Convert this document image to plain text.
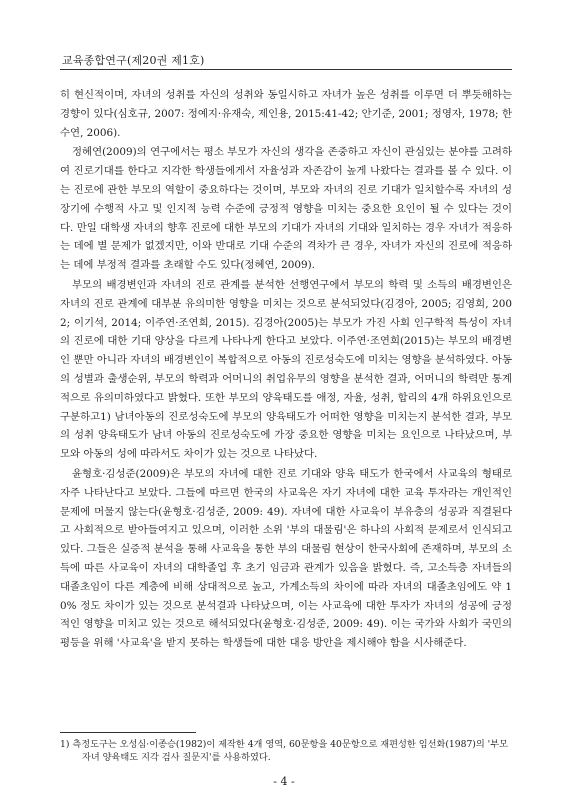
교육종합연구(제20권 제1호)

히 현신적이며, 자녀의 성취를 자신의 성취와 동일시하고 자녀가 높은 성취를 이루면 더 뿌듯해하는 경향이 있다(심호규, 2007: 정예지·유재숙, 제인용, 2015:41-42; 안기준, 2001; 정영자, 1978; 한수연, 2006).

정혜연(2009)의 연구에서는 평소 부모가 자신의 생각을 존중하고 자신이 관심있는 분야를 고려하여 진로기대를 한다고 지각한 학생들에게서 자율성과 자존감이 높게 나왔다는 결과를 볼 수 있다. 이는 진로에 관한 부모의 역할이 중요하다는 것이며, 부모와 자녀의 진로 기대가 일치할수록 자녀의 성장기에 수행적 사고 및 인지적 능력 수준에 긍정적 영향을 미치는 중요한 요인이 될 수 있다는 것이다. 만일 대학생 자녀의 향후 진로에 대한 부모의 기대가 자녀의 기대와 일치하는 경우 자녀가 적응하는 데에 별 문제가 없겠지만, 이와 반대로 기대 수준의 격차가 큰 경우, 자녀가 자신의 진로에 적응하는 데에 부정적 결과를 초래할 수도 있다(정혜연, 2009).

부모의 배경변인과 자녀의 진로 관계를 분석한 선행연구에서 부모의 학력 및 소득의 배경변인은 자녀의 진로 관계에 대부분 유의미한 영향을 미치는 것으로 분석되었다(김경아, 2005; 김영희, 2002; 이기석, 2014; 이주연·조연희, 2015). 김경아(2005)는 부모가 가진 사회 인구학적 특성이 자녀의 진로에 대한 기대 양상을 다르게 나타나게 한다고 보았다. 이주연·조연희(2015)는 부모의 배경변인 뿐만 아니라 자녀의 배경변인이 복합적으로 아동의 진로성숙도에 미치는 영향을 분석하였다. 아동의 성별과 출생순위, 부모의 학력과 어머니의 취업유무의 영향을 분석한 결과, 어머니의 학력만 통계적으로 유의미하였다고 밝혔다. 또한 부모의 양육태도를 애정, 자율, 성취, 합리의 4개 하위요인으로 구분하고1) 남녀아동의 진로성숙도에 부모의 양육태도가 어떠한 영향을 미치는지 분석한 결과, 부모의 성취 양육태도가 남녀 아동의 진로성숙도에 가장 중요한 영향을 미치는 요인으로 나타났으며, 부모와 아동의 성에 따라서도 차이가 있는 것으로 나타났다.

윤형호·김성준(2009)은 부모의 자녀에 대한 진로 기대와 양육 태도가 한국에서 사교육의 형태로 자주 나타난다고 보았다. 그들에 따르면 한국의 사교육은 자기 자녀에 대한 교육 투자라는 개인적인 문제에 머물지 않는다(윤형호·김성준, 2009: 49). 자녀에 대한 사교육이 부유층의 성공과 직결된다고 사회적으로 받아들여지고 있으며, 이러한 소위 '부의 대물림'은 하나의 사회적 문제로서 인식되고 있다. 그들은 실증적 분석을 통해 사교육을 통한 부의 대물림 현상이 한국사회에 존재하며, 부모의 소득에 따른 사교육이 자녀의 대학졸업 후 초기 임금과 관계가 있음을 밝혔다. 즉, 고소득층 자녀들의 대졸초임이 다른 계층에 비해 상대적으로 높고, 가계소득의 차이에 따라 자녀의 대졸초임에도 약 10% 정도 차이가 있는 것으로 분석결과 나타났으며, 이는 사교육에 대한 투자가 자녀의 성공에 긍정적인 영향을 미치고 있는 것으로 해석되었다(윤형호·김성준, 2009: 49). 이는 국가와 사회가 국민의 평등을 위해 '사교육'을 받지 못하는 학생들에 대한 대응 방안을 제시해야 함을 시사해준다.

1) 측정도구는 오성심·이종승(1982)이 제작한 4개 영역, 60문항을 40문항으로 재편성한 임선화(1987)의 '부모 자녀 양육태도 지각 검사 질문지'를 사용하였다.
- 4 -
